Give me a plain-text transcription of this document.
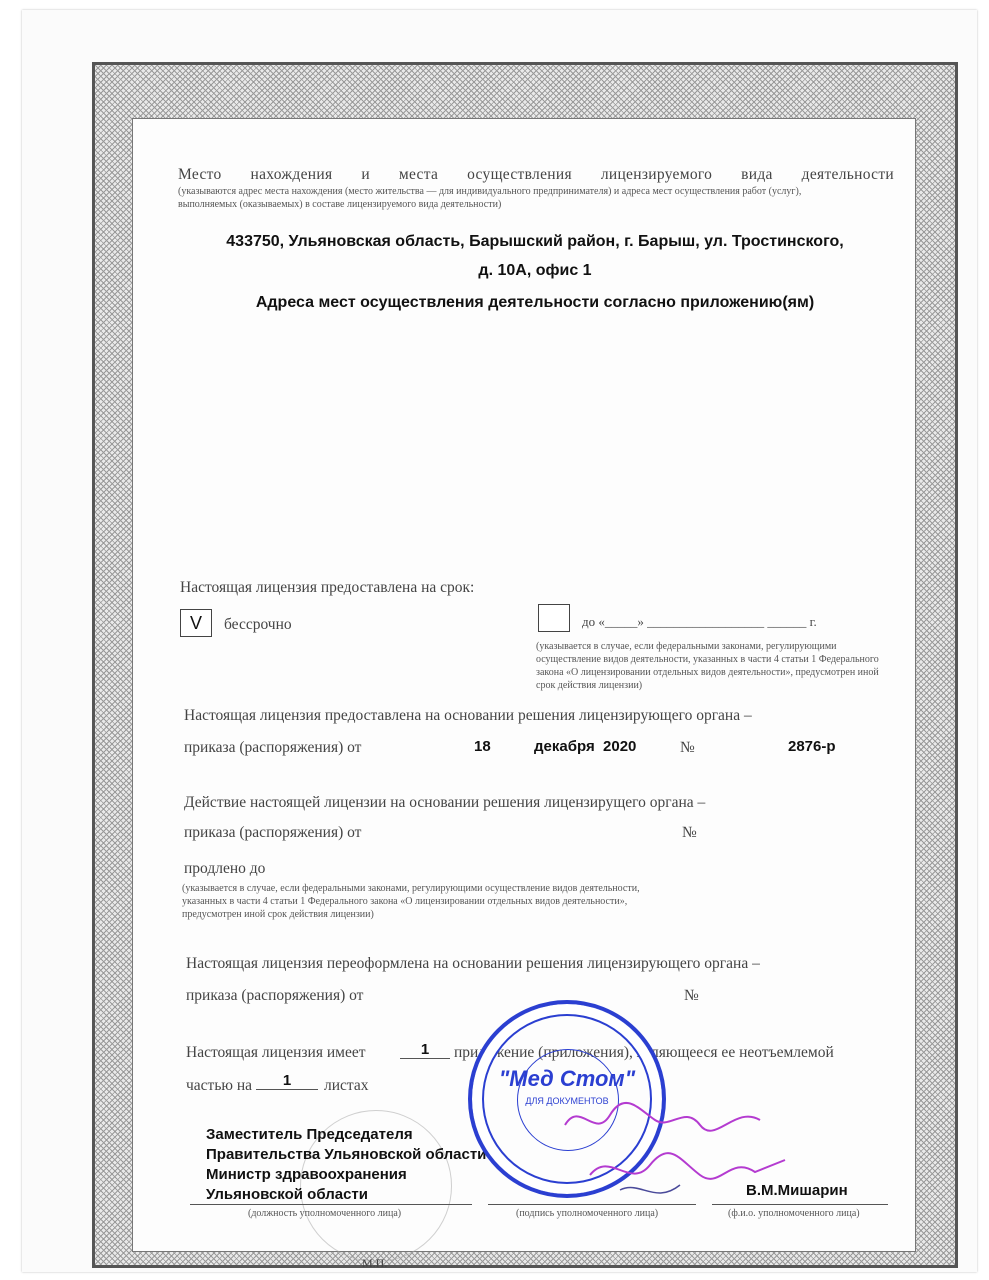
Место нахождения и места осуществления лицензируемого вида деятельности
(указываются адрес места нахождения (место жительства — для индивидуального предпринимателя) и адреса мест осуществления работ (услуг),
выполняемых (оказываемых) в составе лицензируемого вида деятельности)
433750, Ульяновская область, Барышский район, г. Барыш, ул. Тростинского,
д. 10А, офис 1
Адреса мест осуществления деятельности согласно приложению(ям)
Настоящая лицензия предоставлена на срок:
V	бессрочно	до «_____» __________________ ______ г.
(указывается в случае, если федеральными законами, регулирующими осуществление видов деятельности, указанных в части 4 статьи 1 Федерального закона «О лицензировании отдельных видов деятельности», предусмотрен иной срок действия лицензии)
Настоящая лицензия предоставлена на основании решения лицензирующего органа –
приказа (распоряжения) от	18	декабря  2020	№	2876-р
Действие настоящей лицензии на основании решения лицензирущего органа –
приказа (распоряжения) от	№
продлено до
(указывается в случае, если федеральными законами, регулирующими осуществление видов деятельности, указанных в части 4 статьи 1 Федерального закона «О лицензировании отдельных видов деятельности», предусмотрен иной срок действия лицензии)
Настоящая лицензия переоформлена на основании решения лицензирующего органа –
приказа (распоряжения) от	№
Настоящая лицензия имеет	1	приложение (приложения), являющееся ее неотъемлемой
частью на	1	листах
Заместитель Председателя
Правительства Ульяновской области –
Министр здравоохранения
Ульяновской области
(должность уполномоченного лица)	(подпись уполномоченного лица)
В.М.Мишарин
(ф.и.о. уполномоченного лица)
М.П.
"Мед Стом"
ДЛЯ ДОКУМЕНТОВ
